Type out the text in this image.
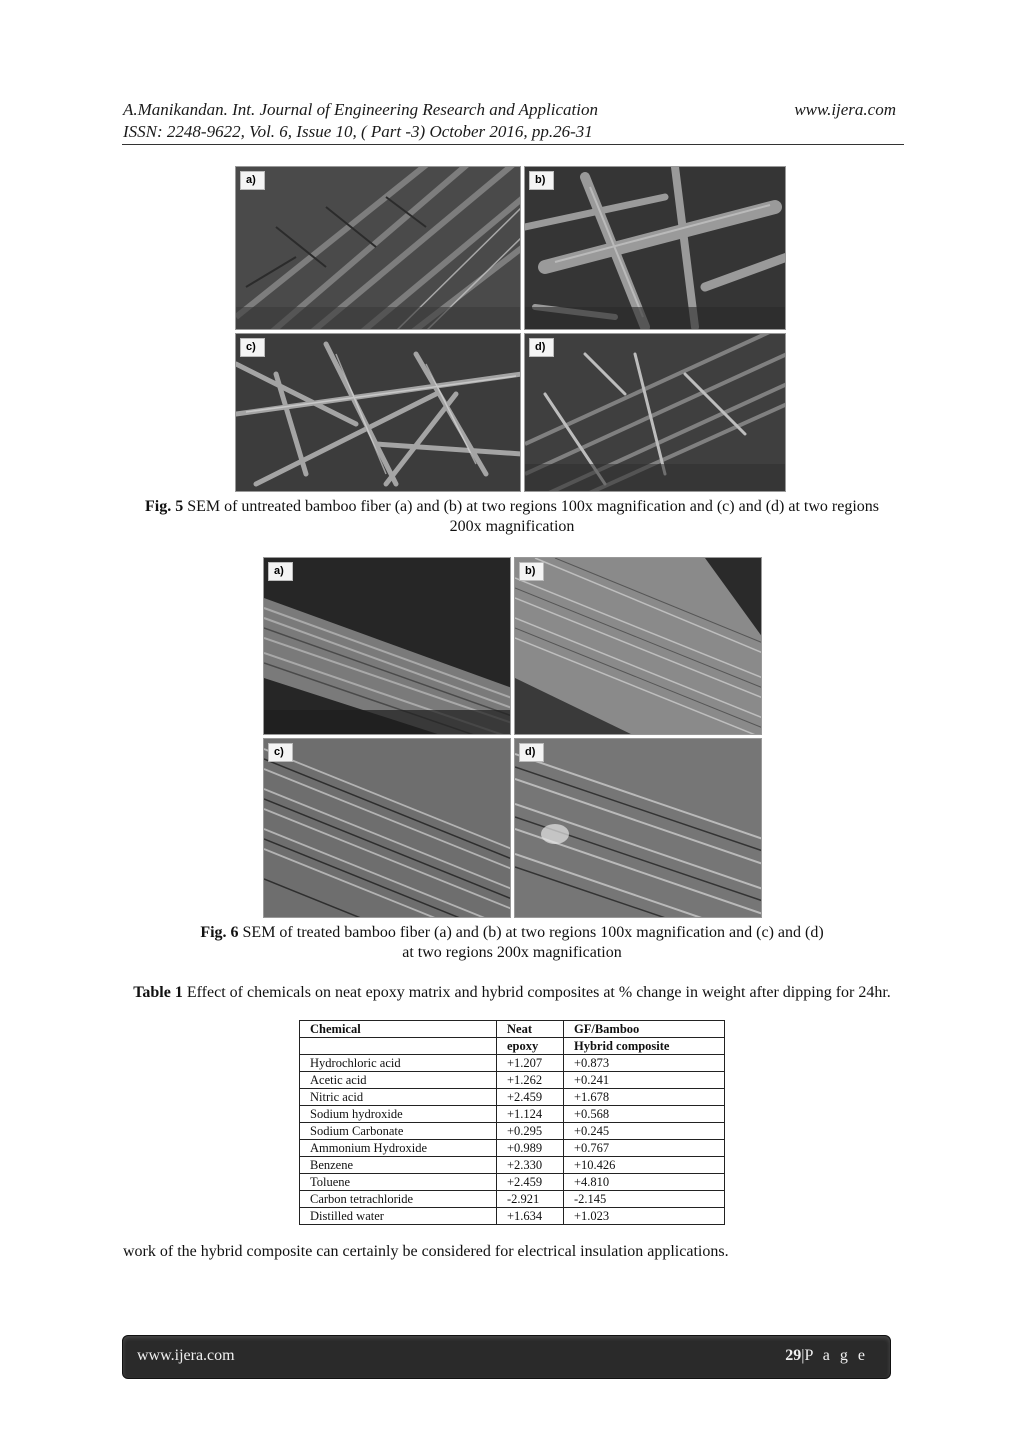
A.Manikandan. Int. Journal of Engineering Research and Application	www.ijera.com
ISSN: 2248-9622, Vol. 6, Issue 10, ( Part -3) October 2016, pp.26-31
a)	b)
c)	d)
Fig. 5 SEM of untreated bamboo fiber (a) and (b) at two regions 100x magnification and (c) and (d) at two regions 200x magnification
a)	b)
c)	d)
Fig. 6 SEM of treated bamboo fiber (a) and (b) at two regions 100x magnification and (c) and (d) at two regions 200x magnification
Table 1 Effect of chemicals on neat epoxy matrix and hybrid composites at % change in weight after dipping for 24hr.
Chemical	Neat	GF/Bamboo
	epoxy	Hybrid composite
Hydrochloric acid	+1.207	+0.873
Acetic acid	+1.262	+0.241
Nitric acid	+2.459	+1.678
Sodium hydroxide	+1.124	+0.568
Sodium Carbonate	+0.295	+0.245
Ammonium Hydroxide	+0.989	+0.767
Benzene	+2.330	+10.426
Toluene	+2.459	+4.810
Carbon tetrachloride	-2.921	-2.145
Distilled water	+1.634	+1.023
work of the hybrid composite can certainly be considered for electrical insulation applications.
www.ijera.com	29|P a g e
